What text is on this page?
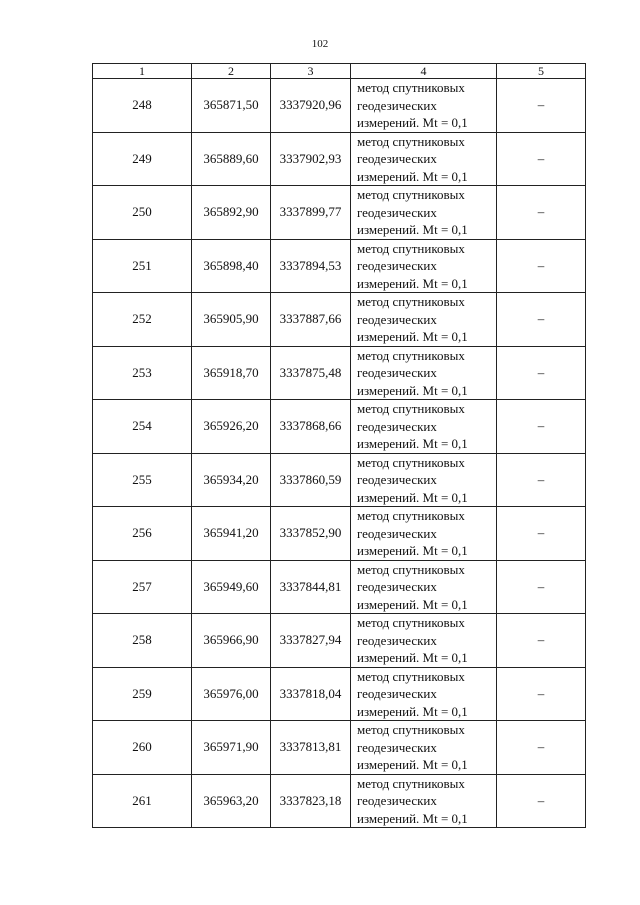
102
1	2	3	4	5
248	365871,50	3337920,96	метод спутниковых
геодезических
измерений. Mt = 0,1	–
249	365889,60	3337902,93	метод спутниковых
геодезических
измерений. Mt = 0,1	–
250	365892,90	3337899,77	метод спутниковых
геодезических
измерений. Mt = 0,1	–
251	365898,40	3337894,53	метод спутниковых
геодезических
измерений. Mt = 0,1	–
252	365905,90	3337887,66	метод спутниковых
геодезических
измерений. Mt = 0,1	–
253	365918,70	3337875,48	метод спутниковых
геодезических
измерений. Mt = 0,1	–
254	365926,20	3337868,66	метод спутниковых
геодезических
измерений. Mt = 0,1	–
255	365934,20	3337860,59	метод спутниковых
геодезических
измерений. Mt = 0,1	–
256	365941,20	3337852,90	метод спутниковых
геодезических
измерений. Mt = 0,1	–
257	365949,60	3337844,81	метод спутниковых
геодезических
измерений. Mt = 0,1	–
258	365966,90	3337827,94	метод спутниковых
геодезических
измерений. Mt = 0,1	–
259	365976,00	3337818,04	метод спутниковых
геодезических
измерений. Mt = 0,1	–
260	365971,90	3337813,81	метод спутниковых
геодезических
измерений. Mt = 0,1	–
261	365963,20	3337823,18	метод спутниковых
геодезических
измерений. Mt = 0,1	–
